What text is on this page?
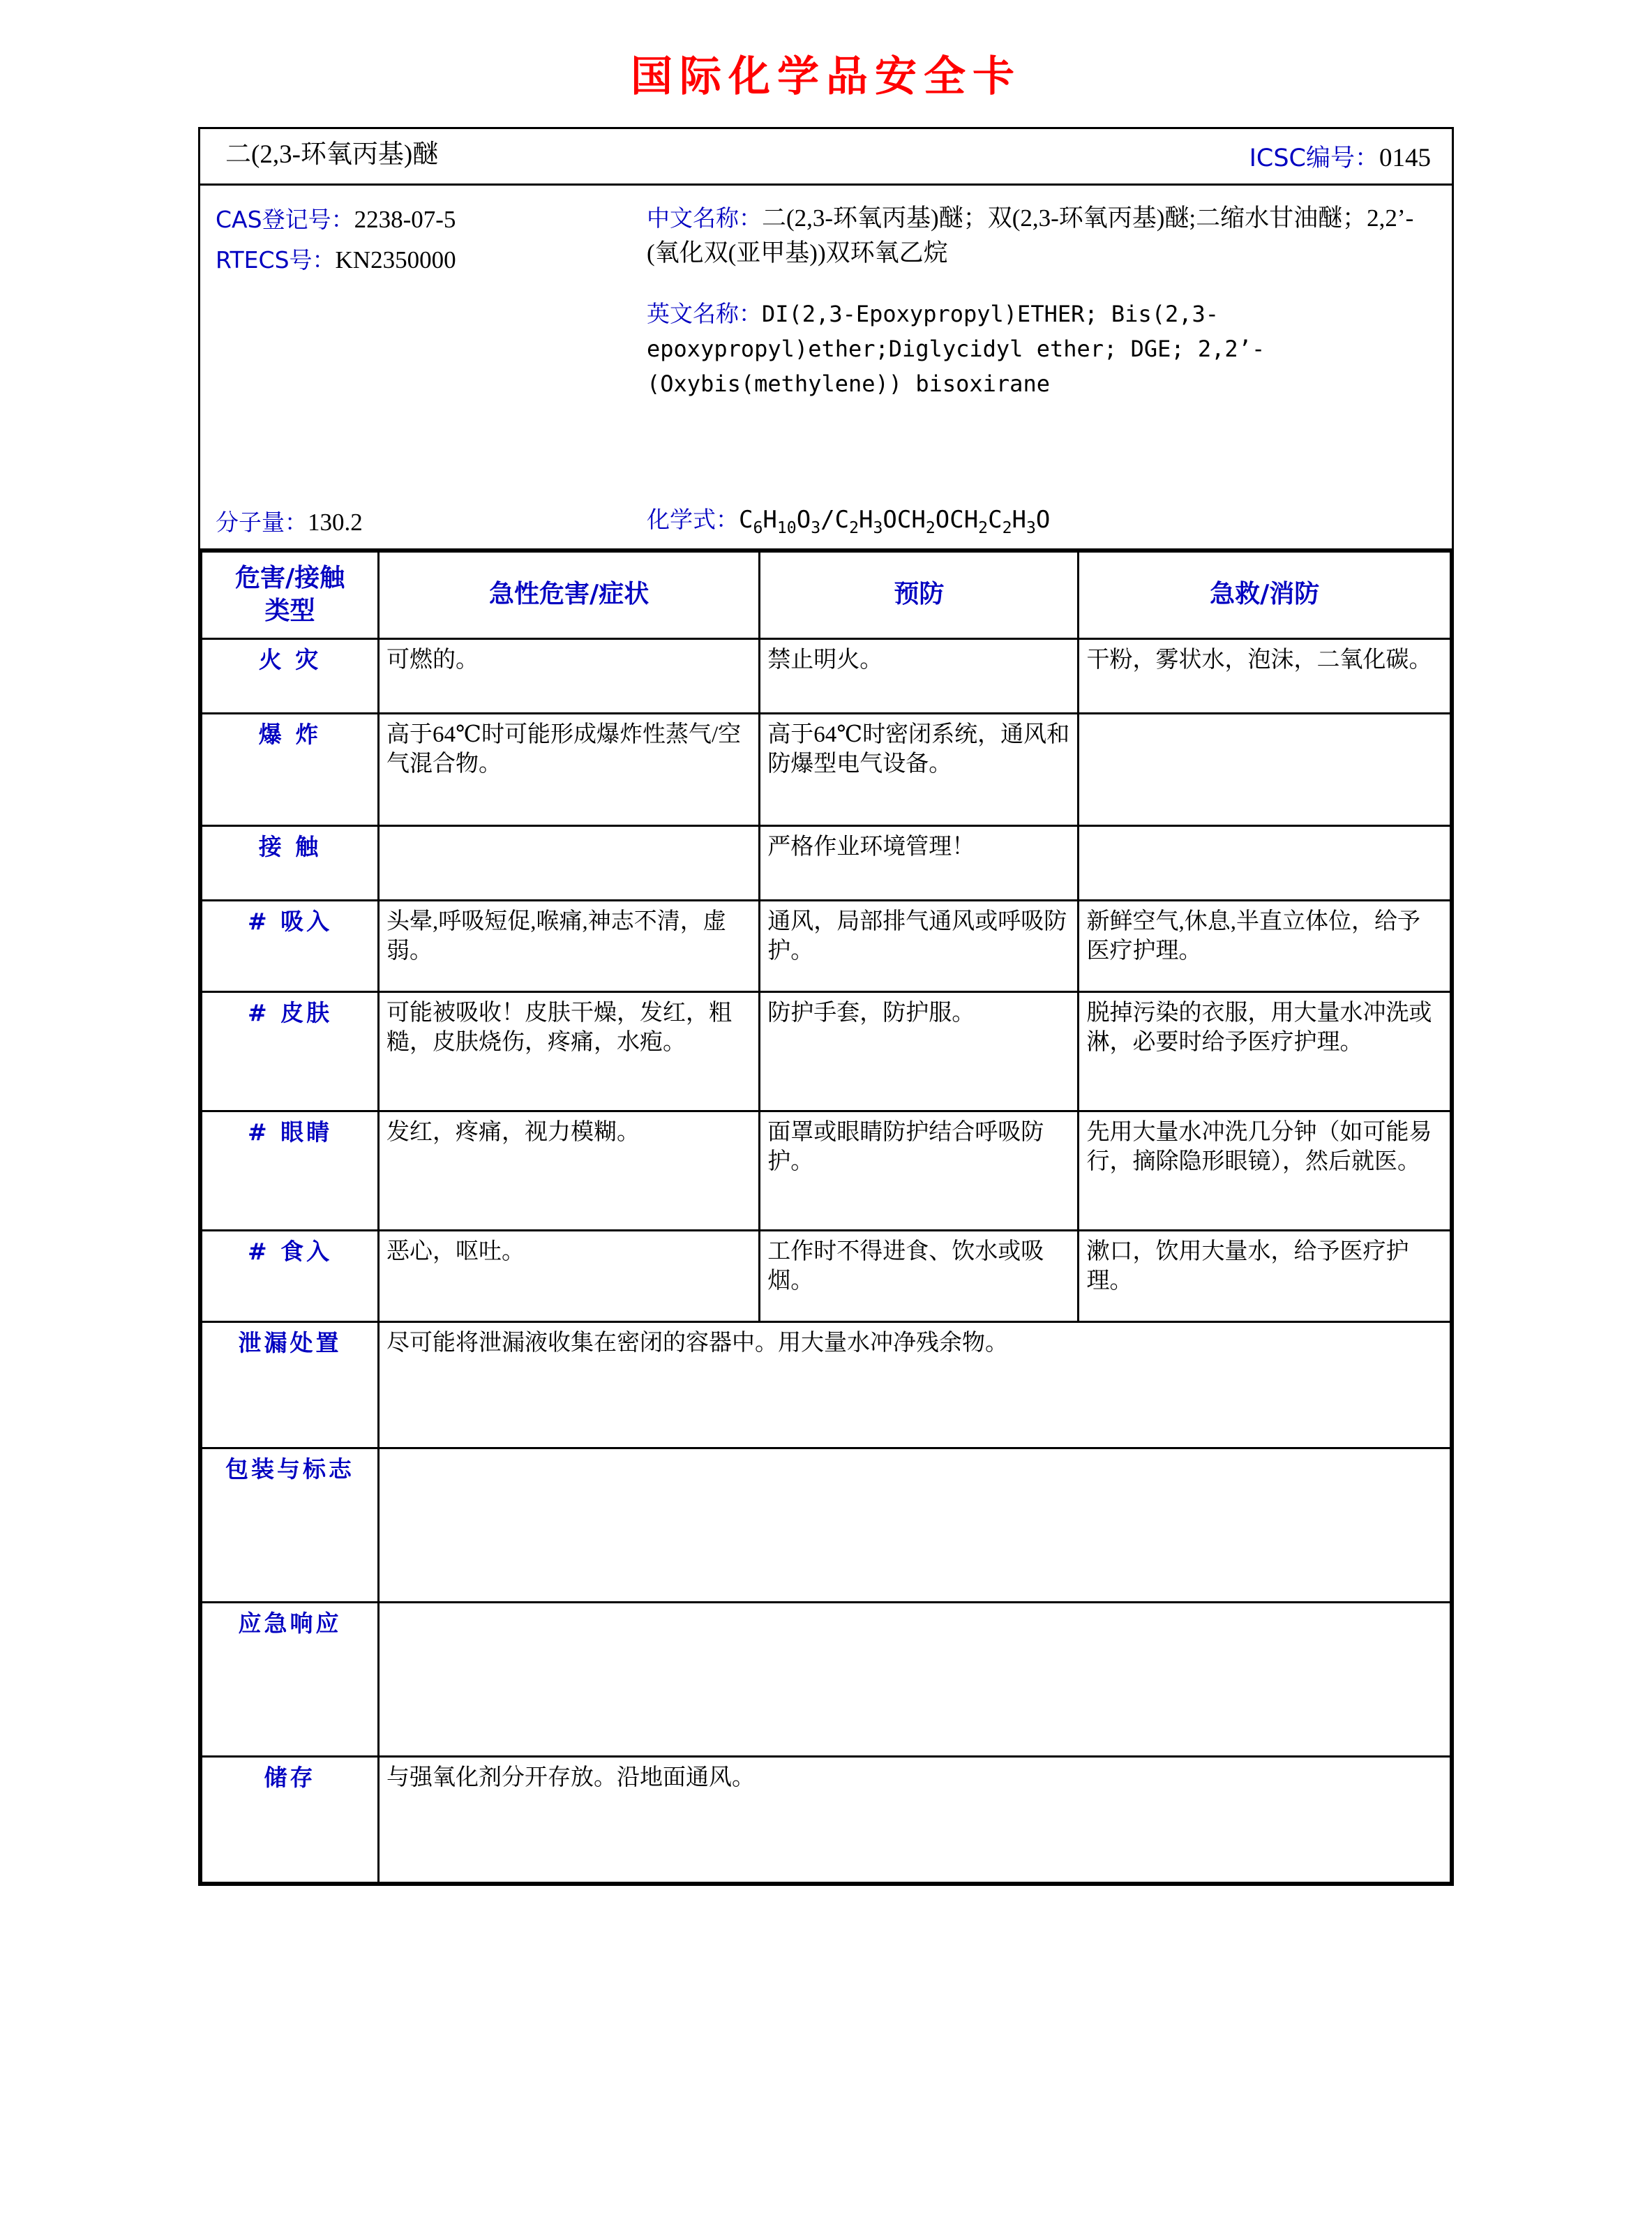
国际化学品安全卡
二(2,3-环氧丙基)醚	ICSC编号：0145
CAS登记号：2238-07-5
RTECS号：KN2350000
中文名称：二(2,3-环氧丙基)醚；双(2,3-环氧丙基)醚;二缩水甘油醚；2,2’-(氧化双(亚甲基))双环氧乙烷
英文名称：DI(2,3-Epoxypropyl)ETHER; Bis(2,3-epoxypropyl)ether;Diglycidyl ether; DGE; 2,2’-(Oxybis(methylene)) bisoxirane
分子量：130.2	化学式：$C_6H_{10}O_3/C_2H_3OCH_2OCH_2C_2H_3O$
危害/接触
类型	急性危害/症状	预防	急救/消防
火 灾	可燃的。	禁止明火。	干粉，雾状水，泡沫，二氧化碳。
爆 炸	高于64℃时可能形成爆炸性蒸气/空气混合物。	高于64℃时密闭系统，通风和防爆型电气设备。	
接 触		严格作业环境管理！	
# 吸入	头晕,呼吸短促,喉痛,神志不清，虚弱。	通风，局部排气通风或呼吸防护。	新鲜空气,休息,半直立体位，给予医疗护理。
# 皮肤	可能被吸收！皮肤干燥，发红，粗糙，皮肤烧伤，疼痛，水疱。	防护手套，防护服。	脱掉污染的衣服，用大量水冲洗或淋，必要时给予医疗护理。
# 眼睛	发红，疼痛，视力模糊。	面罩或眼睛防护结合呼吸防护。	先用大量水冲洗几分钟（如可能易行，摘除隐形眼镜），然后就医。
# 食入	恶心，呕吐。	工作时不得进食、饮水或吸烟。	漱口，饮用大量水，给予医疗护理。
泄漏处置	尽可能将泄漏液收集在密闭的容器中。用大量水冲净残余物。		
包装与标志			
应急响应			
储存	与强氧化剂分开存放。沿地面通风。		
